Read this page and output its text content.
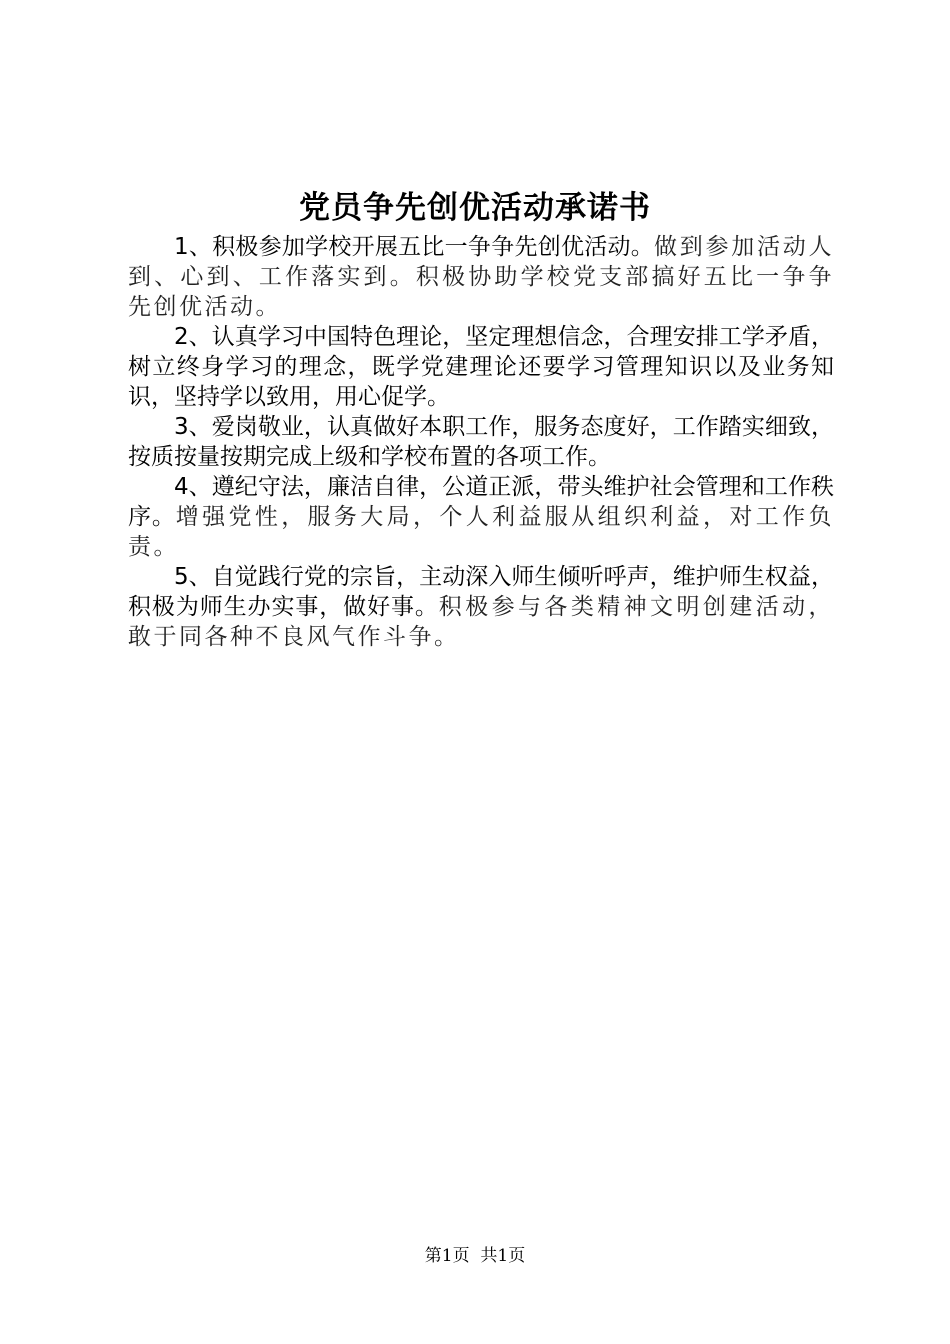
党员争先创优活动承诺书

1、积极参加学校开展五比一争争先创优活动。做到参加活动人到、心到、工作落实到。积极协助学校党支部搞好五比一争争先创优活动。

2、认真学习中国特色理论，坚定理想信念，合理安排工学矛盾，树立终身学习的理念，既学党建理论还要学习管理知识以及业务知识，坚持学以致用，用心促学。

3、爱岗敬业，认真做好本职工作，服务态度好，工作踏实细致，按质按量按期完成上级和学校布置的各项工作。

4、遵纪守法，廉洁自律，公道正派，带头维护社会管理和工作秩序。增强党性，服务大局，个人利益服从组织利益，对工作负责。

5、自觉践行党的宗旨，主动深入师生倾听呼声，维护师生权益，积极为师生办实事，做好事。积极参与各类精神文明创建活动，敢于同各种不良风气作斗争。

第1页 共1页
